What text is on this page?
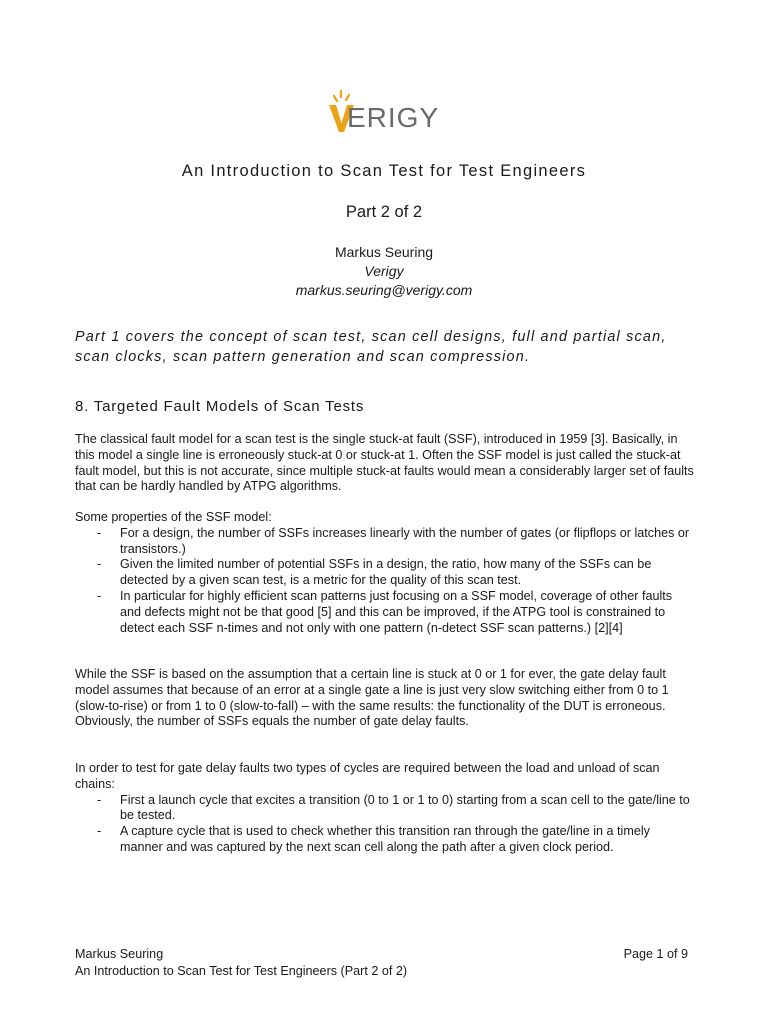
ERIGY
An Introduction to Scan Test for Test Engineers
Part 2 of 2
Markus Seuring
Verigy
markus.seuring@verigy.com
Part 1 covers the concept of scan test, scan cell designs, full and partial scan, scan clocks, scan pattern generation and scan compression.
8. Targeted Fault Models of Scan Tests

The classical fault model for a scan test is the single stuck-at fault (SSF), introduced in 1959 [3]. Basically, in this model a single line is erroneously stuck-at 0 or stuck-at 1. Often the SSF model is just called the stuck-at fault model, but this is not accurate, since multiple stuck-at faults would mean a considerably larger set of faults that can be hardly handled by ATPG algorithms.

Some properties of the SSF model:

- For a design, the number of SSFs increases linearly with the number of gates (or flipflops or latches or transistors.)
- Given the limited number of potential SSFs in a design, the ratio, how many of the SSFs can be detected by a given scan test, is a metric for the quality of this scan test.
- In particular for highly efficient scan patterns just focusing on a SSF model, coverage of other faults and defects might not be that good [5] and this can be improved, if the ATPG tool is constrained to detect each SSF n-times and not only with one pattern (n-detect SSF scan patterns.) [2][4]

While the SSF is based on the assumption that a certain line is stuck at 0 or 1 for ever, the gate delay fault model assumes that because of an error at a single gate a line is just very slow switching either from 0 to 1 (slow-to-rise) or from 1 to 0 (slow-to-fall) – with the same results: the functionality of the DUT is erroneous. Obviously, the number of SSFs equals the number of gate delay faults.

In order to test for gate delay faults two types of cycles are required between the load and unload of scan chains:

- First a launch cycle that excites a transition (0 to 1 or 1 to 0) starting from a scan cell to the gate/line to be tested.
- A capture cycle that is used to check whether this transition ran through the gate/line in a timely manner and was captured by the next scan cell along the path after a given clock period.
Markus Seuring
An Introduction to Scan Test for Test Engineers (Part 2 of 2)
Page 1 of 9
